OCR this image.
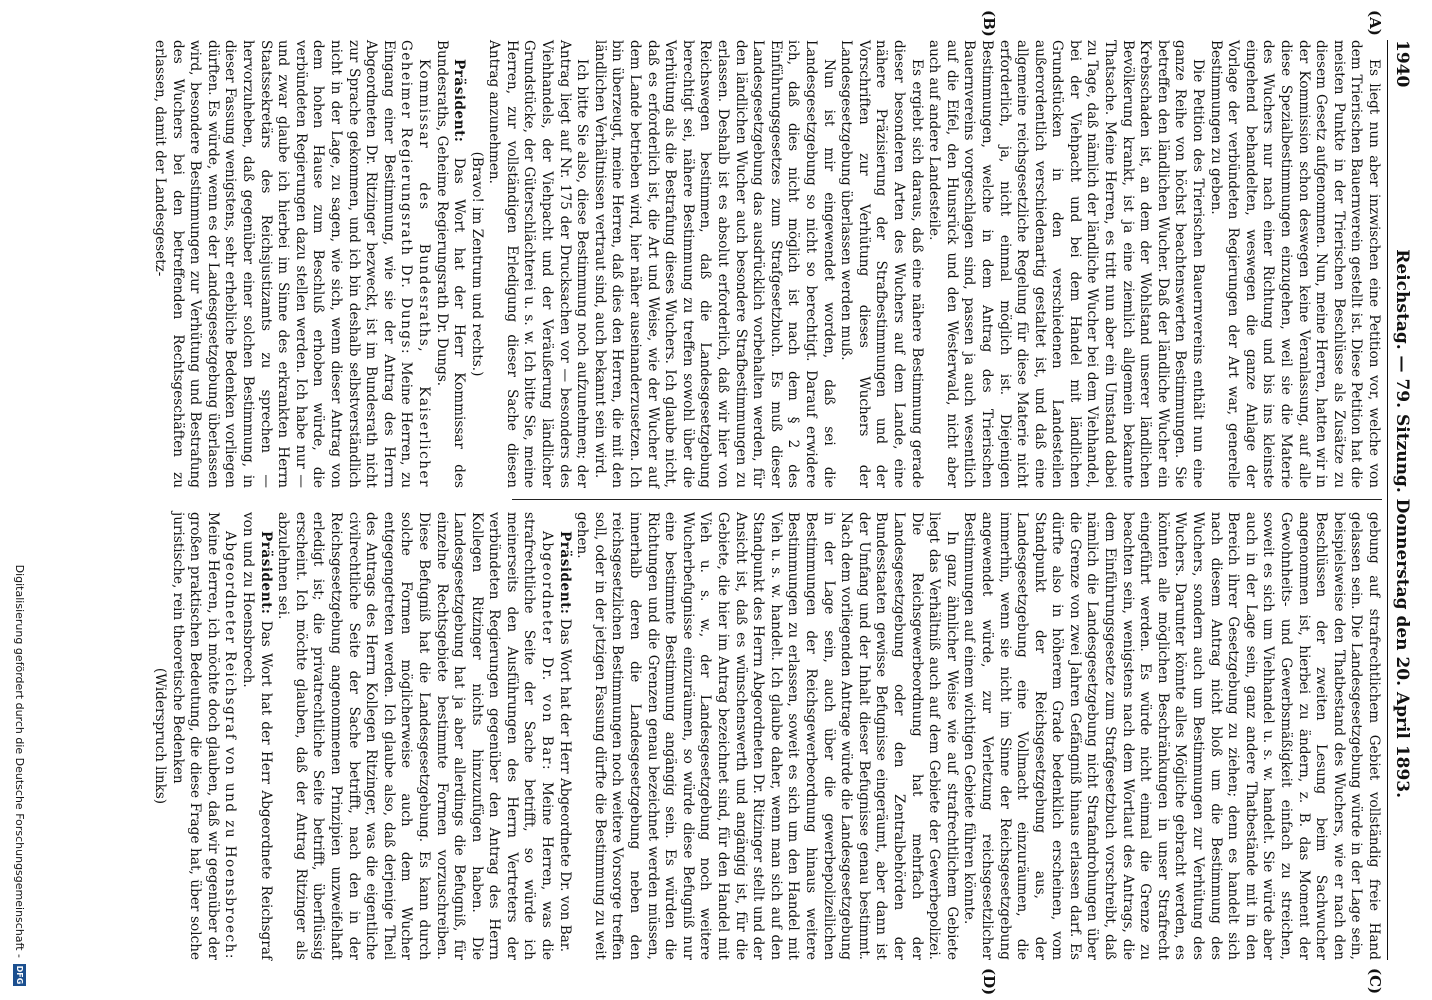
1940
Reichstag. — 79. Sitzung. Donnerstag den 20. April 1893.
(A)
(B)
(C)
(D)

Es liegt nun aber inzwischen eine Petition vor, welche von dem Trierischen Bauernverein gestellt ist. Diese Petition hat die meisten Punkte in der Trierischen Beschlüsse als Zusätze zu diesem Gesetz aufgenommen. Nun, meine Herren, hatten wir in der Kommission schon deswegen keine Veranlassung, auf alle diese Spezialbestimmungen einzugehen, weil sie die Materie des Wuchers nur nach einer Richtung und bis ins kleinste eingehend behandelten, weswegen die ganze Anlage der Vorlage der verbündeten Regierungen der Art war, generelle Bestimmungen zu geben.

Die Petition des Trierischen Bauernvereins enthält nun eine ganze Reihe von höchst beachtenswerten Bestimmungen. Sie betreffen den ländlichen Wucher. Daß der ländliche Wucher ein Krebsschaden ist, an dem der Wohlstand unserer ländlichen Bevölkerung krankt, ist ja eine ziemlich allgemein bekannte Thatsache. Meine Herren, es tritt nun aber ein Umstand dabei zu Tage, daß nämlich der ländliche Wucher bei dem Viehhandel, bei der Viehpacht und bei dem Handel mit ländlichen Grundstücken in den verschiedenen Landesteilen außerordentlich verschiedenartig gestaltet ist, und daß eine allgemeine reichsgesetzliche Regelung für diese Materie nicht erforderlich, ja, nicht einmal möglich ist. Diejenigen Bestimmungen, welche in dem Antrag des Trierischen Bauernvereins vorgeschlagen sind, passen ja auch wesentlich auf die Eifel, den Hunsrück und den Westerwald, nicht aber auch auf andere Landesteile.

Es ergiebt sich daraus, daß eine nähere Bestimmung gerade dieser besonderen Arten des Wuchers auf dem Lande, eine nähere Präzisierung der Strafbestimmungen und der Vorschriften zur Verhütung dieses Wuchers der Landesgesetzgebung überlassen werden muß.

Nun ist mir eingewendet worden, daß sei die Landesgesetzgebung so nicht so berechtigt. Darauf erwidere ich, daß dies nicht möglich ist nach dem § 2 des Einführungsgesetzes zum Strafgesetzbuch. Es muß dieser Landesgesetzgebung das ausdrücklich vorbehalten werden, für den ländlichen Wucher auch besondere Strafbestimmungen zu erlassen. Deshalb ist es absolut erforderlich, daß wir hier von Reichswegen bestimmen, daß die Landesgesetzgebung berechtigt sei, nähere Bestimmung zu treffen sowohl über die Verhütung als die Bestrafung dieses Wuchers. Ich glaube nicht, daß es erforderlich ist, die Art und Weise, wie der Wucher auf dem Lande betrieben wird, hier näher auseinanderzusetzen. Ich bin überzeugt, meine Herren, daß dies den Herren, die mit den ländlichen Verhältnissen vertraut sind, auch bekannt sein wird.

Ich bitte Sie also, diese Bestimmung noch aufzunehmen; der Antrag liegt auf Nr. 175 der Drucksachen vor — besonders des Viehhandels, der Viehpacht und der Veräußerung ländlicher Grundstücke, der Güterschlächterei u. s. w. Ich bitte Sie, meine Herren, zur vollständigen Erledigung dieser Sache diesen Antrag anzunehmen.

(Bravo! im Zentrum und rechts.)

Präsident: Das Wort hat der Herr Kommissar des Bundesraths, Geheime Regierungsrath Dr. Dungs.

Kommissar des Bundesraths, Kaiserlicher Geheimer Regierungsrath Dr. Dungs: Meine Herren, zu Eingang einer Bestimmung, wie sie der Antrag des Herrn Abgeordneten Dr. Ritzinger bezweckt, ist im Bundesrath nicht zur Sprache gekommen, und ich bin deshalb selbstverständlich nicht in der Lage, zu sagen, wie sich, wenn dieser Antrag von dem hohen Hause zum Beschluß erhoben würde, die verbündeten Regierungen dazu stellen werden. Ich habe nur — und zwar glaube ich hierbei im Sinne des erkrankten Herrn Staatssekretärs des Reichsjustizamts zu sprechen — hervorzuheben, daß gegenüber einer solchen Bestimmung, in dieser Fassung wenigstens, sehr erhebliche Bedenken vorliegen dürften. Es würde, wenn es der Landesgesetzgebung überlassen wird, besondere Bestimmungen zur Verhütung und Bestrafung des Wuchers bei den betreffenden Rechtsgeschäften zu erlassen, damit der Landesgesetz-

gebung auf strafrechtlichem Gebiet vollständig freie Hand gelassen sein. Die Landesgesetzgebung würde in der Lage sein, beispielsweise den Thatbestand des Wuchers, wie er nach den Beschlüssen der zweiten Lesung beim Sachwucher angenommen ist, hierbei zu ändern, z. B. das Moment der Gewohnheits- und Gewerbsmäßigkeit einfach zu streichen, soweit es sich um Viehhandel u. s. w. handelt. Sie würde aber auch in der Lage sein, ganz andere Thatbestände mit in den Bereich ihrer Gesetzgebung zu ziehen; denn es handelt sich nach diesem Antrag nicht bloß um die Bestimmung des Wuchers, sondern auch um Bestimmungen zur Verhütung des Wuchers. Darunter könnte alles Mögliche gebracht werden, es könnten alle möglichen Beschränkungen in unser Strafrecht eingeführt werden. Es würde nicht einmal die Grenze zu beachten sein, wenigstens nach dem Wortlaut des Antrags, die dem Einführungsgesetze zum Strafgesetzbuch vorschreibt, daß nämlich die Landesgesetzgebung nicht Strafandrohungen über die Grenze von zwei Jahren Gefängniß hinaus erlassen darf. Es dürfte also in höherem Grade bedenklich erscheinen, vom Standpunkt der Reichsgesetzgebung aus, der Landesgesetzgebung eine Vollmacht einzuräumen, die immerhin, wenn sie nicht im Sinne der Reichsgesetzgebung angewendet würde, zur Verletzung reichsgesetzlicher Bestimmungen auf einem wichtigen Gebiete führen könnte.

In ganz ähnlicher Weise wie auf strafrechtlichem Gebiete liegt das Verhältniß auch auf dem Gebiete der Gewerbepolizei. Die Reichsgewerbeordnung hat mehrfach der Landesgesetzgebung oder den Zentralbehörden der Bundesstaaten gewisse Befugnisse eingeräumt, aber dann ist der Umfang und der Inhalt dieser Befugnisse genau bestimmt. Nach dem vorliegenden Antrage würde die Landesgesetzgebung in der Lage sein, auch über die gewerbepolizeilichen Bestimmungen der Reichsgewerbeordnung hinaus weitere Bestimmungen zu erlassen, soweit es sich um den Handel mit Vieh u. s. w. handelt. Ich glaube daher, wenn man sich auf den Standpunkt des Herrn Abgeordneten Dr. Ritzinger stellt und der Ansicht ist, daß es wünschenswerth und angängig ist, für die Gebiete, die hier im Antrag bezeichnet sind, für den Handel mit Vieh u. s. w., der Landesgesetzgebung noch weitere Wucherbefugnisse einzuräumen, so würde diese Befugniß nur eine bestimmte Bestimmung angängig sein. Es würden die Richtungen und die Grenzen genau bezeichnet werden müssen, innerhalb deren die Landesgesetzgebung neben den reichsgesetzlichen Bestimmungen noch weitere Vorsorge treffen soll, oder in der jetzigen Fassung dürfte die Bestimmung zu weit gehen.

Präsident: Das Wort hat der Herr Abgeordnete Dr. von Bar.

Abgeordneter Dr. von Bar: Meine Herren, was die strafrechtliche Seite der Sache betrifft, so würde ich meinerseits den Ausführungen des Herrn Vertreters der verbündeten Regierungen gegenüber den Antrag des Herrn Kollegen Ritzinger nichts hinzuzufügen haben. Die Landesgesetzgebung hat ja aber allerdings die Befugniß, für einzelne Rechtsgebiete bestimmte Formen vorzuschreiben. Diese Befugniß hat die Landesgesetzgebung. Es kann durch solche Formen möglicherweise auch dem Wucher entgegengetreten werden. Ich glaube also, daß derjenige Theil des Antrags des Herrn Kollegen Ritzinger, was die eigentliche civilrechtliche Seite der Sache betrifft, nach den in der Reichsgesetzgebung angenommenen Prinzipien unzweifelhaft erledigt ist; die privatrechtliche Seite betrifft, überflüssig erscheint. Ich möchte glauben, daß der Antrag Ritzinger als abzulehnen sei.

Präsident: Das Wort hat der Herr Abgeordnete Reichsgraf von und zu Hoensbroech.

Abgeordneter Reichsgraf von und zu Hoensbroech: Meine Herren, ich möchte doch glauben, daß wir gegenüber der großen praktischen Bedeutung, die diese Frage hat, über solche juristische, rein theoretische Bedenken

(Widerspruch links)

Digitalisierung gefördert durch die Deutsche Forschungsgemeinschaft -
DFG
